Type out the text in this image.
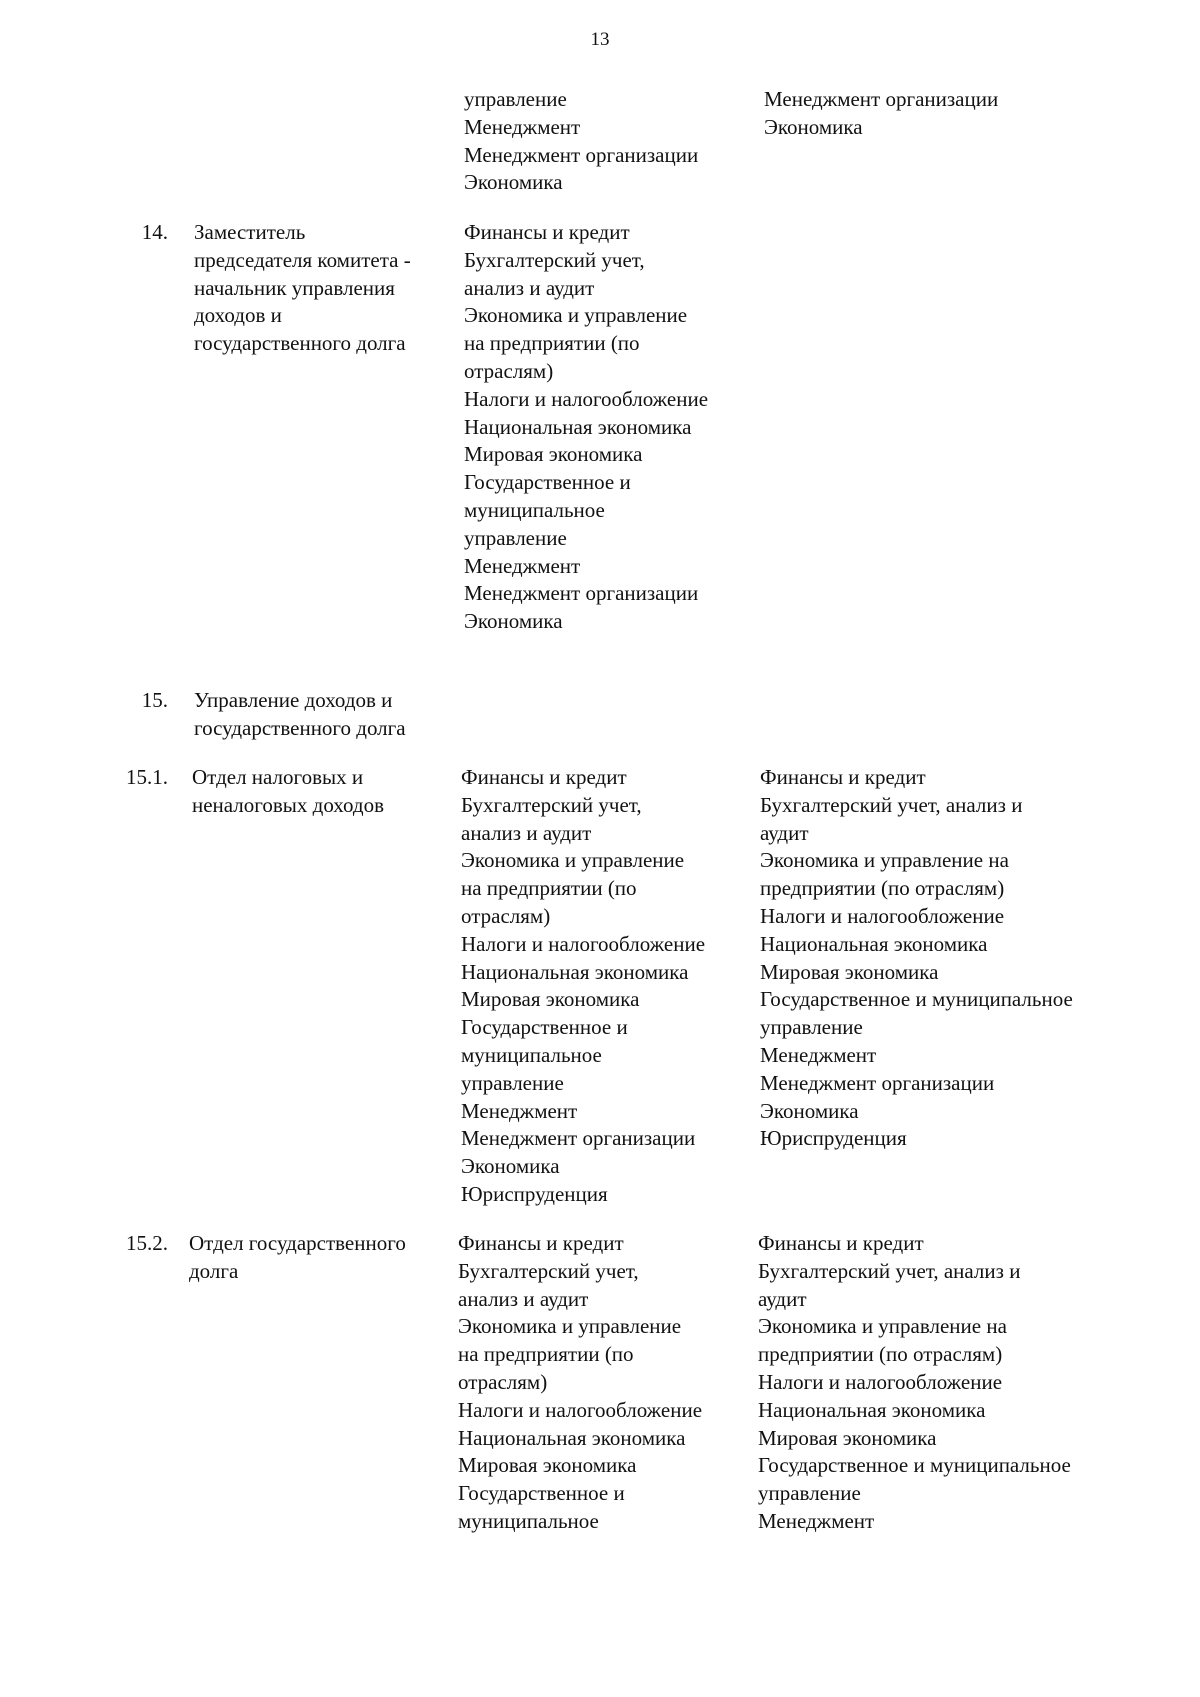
13
управление
Менеджмент
Менеджмент организации
Экономика
Менеджмент организации
Экономика
14. Заместитель
председателя комитета -
начальник управления
доходов и
государственного долга
Финансы и кредит
Бухгалтерский учет,
анализ и аудит
Экономика и управление
на предприятии (по
отраслям)
Налоги и налогообложение
Национальная экономика
Мировая экономика
Государственное и
муниципальное
управление
Менеджмент
Менеджмент организации
Экономика
15. Управление доходов и
государственного долга
15.1. Отдел налоговых и
неналоговых доходов
Финансы и кредит
Бухгалтерский учет,
анализ и аудит
Экономика и управление
на предприятии (по
отраслям)
Налоги и налогообложение
Национальная экономика
Мировая экономика
Государственное и
муниципальное
управление
Менеджмент
Менеджмент организации
Экономика
Юриспруденция
Финансы и кредит
Бухгалтерский учет, анализ и
аудит
Экономика и управление на
предприятии (по отраслям)
Налоги и налогообложение
Национальная экономика
Мировая экономика
Государственное и муниципальное
управление
Менеджмент
Менеджмент организации
Экономика
Юриспруденция
15.2. Отдел государственного
долга
Финансы и кредит
Бухгалтерский учет,
анализ и аудит
Экономика и управление
на предприятии (по
отраслям)
Налоги и налогообложение
Национальная экономика
Мировая экономика
Государственное и
муниципальное
Финансы и кредит
Бухгалтерский учет, анализ и
аудит
Экономика и управление на
предприятии (по отраслям)
Налоги и налогообложение
Национальная экономика
Мировая экономика
Государственное и муниципальное
управление
Менеджмент
